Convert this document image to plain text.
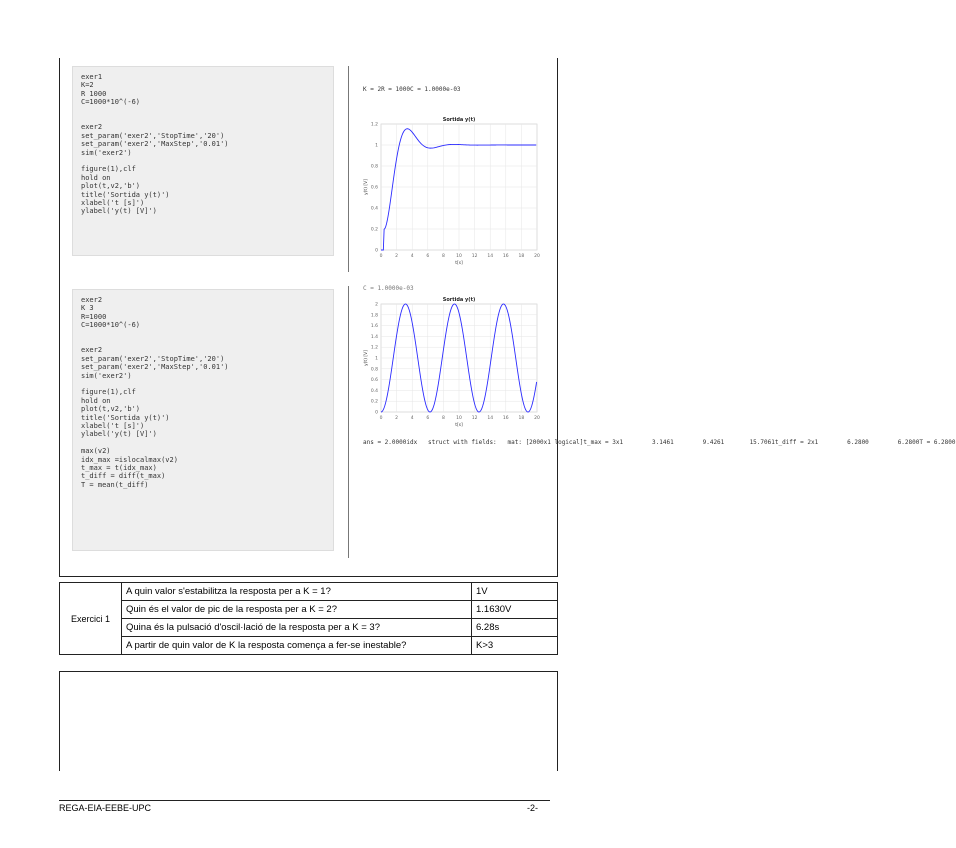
exer1
K=2
R 1000
C=1000*10^(-6)
exer2
set_param('exer2','StopTime','20')
set_param('exer2','MaxStep','0.01')
sim('exer2')
figure(1),clf
hold on
plot(t,v2,'b')
title('Sortida y(t)')
xlabel('t [s]')
ylabel('y(t) [V]')
K = 2R = 1000C = 1.0000e-03
0	2	4	6	8	10 12 14 16 18 20
0
0.2
0.4
0.6
0.8
1
1.2
Sortida y(t)
t[s]
y(t) [V]
exer2
K 3
R=1000
C=1000*10^(-6)
exer2
set_param('exer2','StopTime','20')
set_param('exer2','MaxStep','0.01')
sim('exer2')
figure(1),clf
hold on
plot(t,v2,'b')
title('Sortida y(t)')
xlabel('t [s]')
ylabel('y(t) [V]')
max(v2)
idx_max =islocalmax(v2)
t_max = t(idx_max)
t_diff = diff(t_max)
T = mean(t_diff)
C = 1.0000e-03
0	2	4	6	8	10 12 14 16 18 20
0
0.2
0.4
0.6
0.8
1
1.2
1.4
1.6
1.8
2
Sortida y(t)
t[s]
y(t) [V]
ans = 2.0000idx   struct with fields:   mat: [2000x1 logical]t_max = 3x1        3.1461        9.4261       15.7061t_diff = 2x1        6.2800        6.2800T = 6.2800
Exercici 1	A quin valor s'estabilitza la resposta per a K = 1?	1V
	Quin és el valor de pic de la resposta per a K = 2?	1.1630V
	Quina és la pulsació d'oscil·lació de la resposta per a K = 3?	6.28s
	A partir de quin valor de K la resposta comença a fer-se inestable?	K>3
REGA-EIA-EEBE-UPC	-2-
